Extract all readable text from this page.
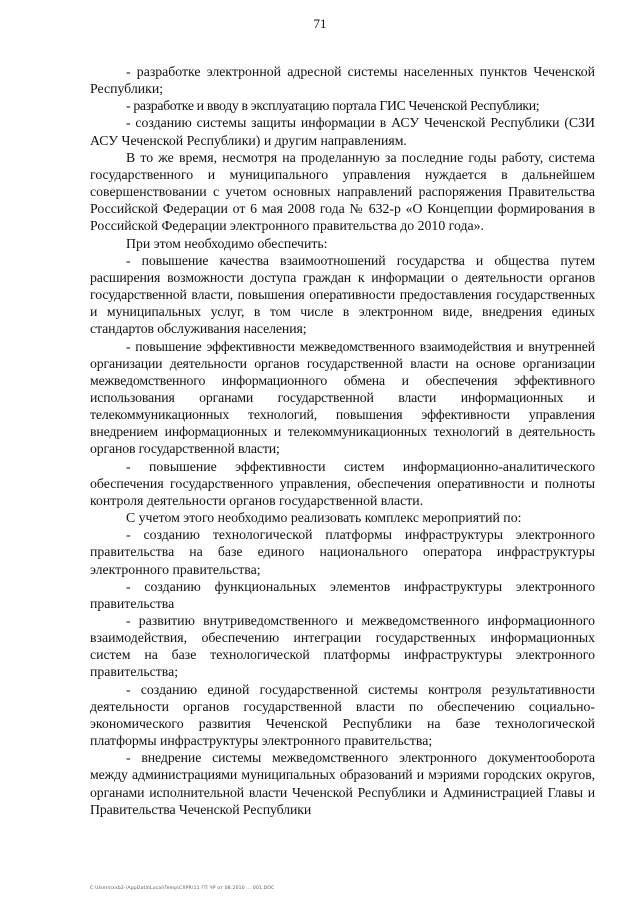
71

- разработке электронной адресной системы населенных пунктов Чеченской Республики;

- разработке и вводу в эксплуатацию портала ГИС Чеченской Республики;

- созданию системы защиты информации в АСУ Чеченской Республики (СЗИ АСУ Чеченской Республики) и другим направлениям.

В то же время, несмотря на проделанную за последние годы работу, система государственного и муниципального управления нуждается в дальнейшем совершенствовании с учетом основных направлений распоряжения Правительства Российской Федерации от 6 мая 2008 года № 632-р «О Концепции формирования в Российской Федерации электронного правительства до 2010 года».

При этом необходимо обеспечить:

- повышение качества взаимоотношений государства и общества путем расширения возможности доступа граждан к информации о деятельности органов государственной власти, повышения оперативности предоставления государственных и муниципальных услуг, в том числе в электронном виде, внедрения единых стандартов обслуживания населения;

- повышение эффективности межведомственного взаимодействия и внутренней организации деятельности органов государственной власти на основе организации межведомственного информационного обмена и обеспечения эффективного использования органами государственной власти информационных и телекоммуникационных технологий, повышения эффективности управления внедрением информационных и телекоммуникационных технологий в деятельность органов государственной власти;

- повышение эффективности систем информационно-аналитического обеспечения государственного управления, обеспечения оперативности и полноты контроля деятельности органов государственной власти.

С учетом этого необходимо реализовать комплекс мероприятий по:

- созданию технологической платформы инфраструктуры электронного правительства на базе единого национального оператора инфраструктуры электронного правительства;

- созданию функциональных элементов инфраструктуры электронного правительства

- развитию внутриведомственного и межведомственного информационного взаимодействия, обеспечению интеграции государственных информационных систем на базе технологической платформы инфраструктуры электронного правительства;

- созданию единой государственной системы контроля результативности деятельности органов государственной власти по обеспечению социально-экономического развития Чеченской Республики на базе технологической платформы инфраструктуры электронного правительства;

- внедрение системы межведомственного электронного документооборота между администрациями муниципальных образований и мэриями городских округов, органами исполнительной власти Чеченской Республики и Администрацией Главы и Правительства Чеченской Республики

С:\Users\xxb2-\AppData\Local\Temp\CXPR\11 ГП ЧР от 08.2010 ... 001.DOC
